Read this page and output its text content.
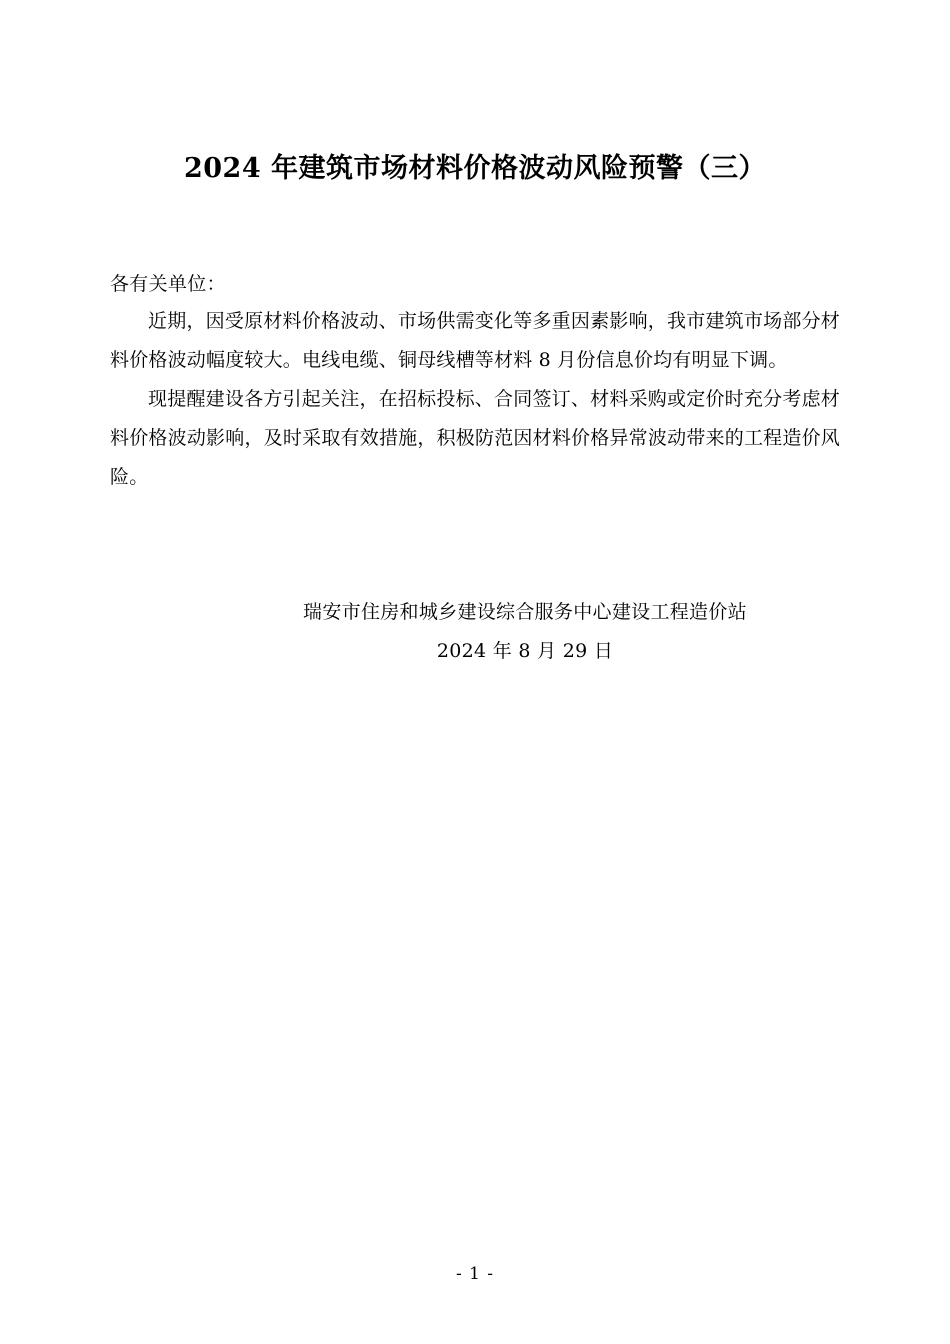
2024 年建筑市场材料价格波动风险预警（三）
各有关单位：

近期，因受原材料价格波动、市场供需变化等多重因素影响，我市建筑市场部分材料价格波动幅度较大。电线电缆、铜母线槽等材料 8 月份信息价均有明显下调。

现提醒建设各方引起关注，在招标投标、合同签订、材料采购或定价时充分考虑材料价格波动影响，及时采取有效措施，积极防范因材料价格异常波动带来的工程造价风险。

瑞安市住房和城乡建设综合服务中心建设工程造价站
2024 年 8 月 29 日
- 1 -
